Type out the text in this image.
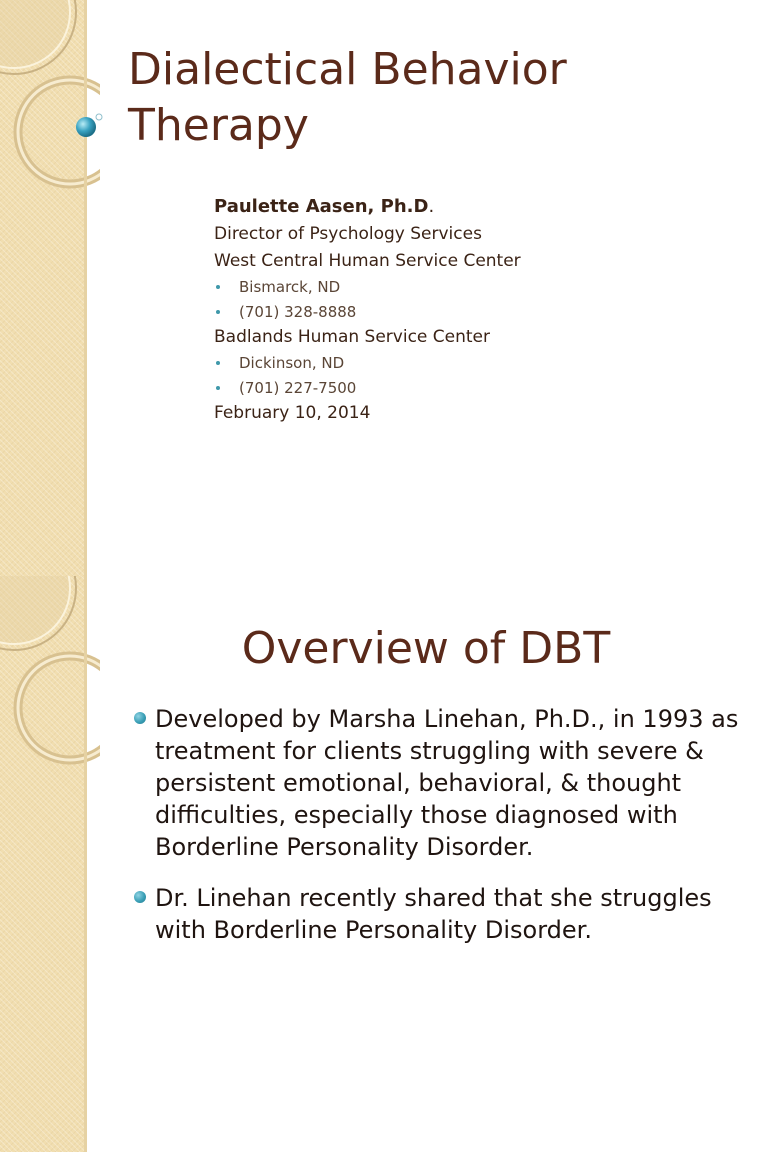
Dialectical Behavior Therapy
Paulette Aasen, Ph.D.
Director of Psychology Services
West Central Human Service Center
Bismarck, ND
(701) 328-8888
Badlands Human Service Center
Dickinson, ND
(701) 227-7500
February 10, 2014
Overview of DBT
Developed by Marsha Linehan, Ph.D., in 1993 as treatment for clients struggling with severe & persistent emotional, behavioral, & thought difficulties, especially those diagnosed with Borderline Personality Disorder.
Dr. Linehan recently shared that she struggles with Borderline Personality Disorder.
